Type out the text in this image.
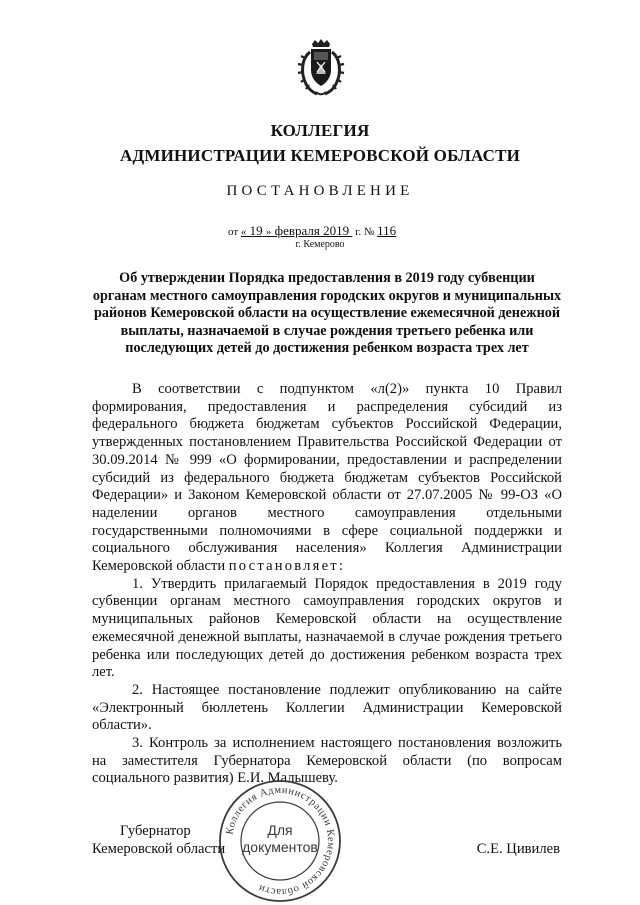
КОЛЛЕГИЯ
АДМИНИСТРАЦИИ КЕМЕРОВСКОЙ ОБЛАСТИ
ПОСТАНОВЛЕНИЕ
от « 19 » февраля 2019 г. № 116
г. Кемерово
Об утверждении Порядка предоставления в 2019 году субвенции органам местного самоуправления городских округов и муниципальных районов Кемеровской области на осуществление ежемесячной денежной выплаты, назначаемой в случае рождения третьего ребенка или последующих детей до достижения ребенком возраста трех лет

В соответствии с подпунктом «л(2)» пункта 10 Правил формирования, предоставления и распределения субсидий из федерального бюджета бюджетам субъектов Российской Федерации, утвержденных постановлением Правительства Российской Федерации от 30.09.2014 № 999 «О формировании, предоставлении и распределении субсидий из федерального бюджета бюджетам субъектов Российской Федерации» и Законом Кемеровской области от 27.07.2005 № 99-ОЗ «О наделении органов местного самоуправления отдельными государственными полномочиями в сфере социальной поддержки и социального обслуживания населения» Коллегия Администрации Кемеровской области постановляет:

1. Утвердить прилагаемый Порядок предоставления в 2019 году субвенции органам местного самоуправления городских округов и муниципальных районов Кемеровской области на осуществление ежемесячной денежной выплаты, назначаемой в случае рождения третьего ребенка или последующих детей до достижения ребенком возраста трех лет.

2. Настоящее постановление подлежит опубликованию на сайте «Электронный бюллетень Коллегии Администрации Кемеровской области».

3. Контроль за исполнением настоящего постановления возложить на заместителя Губернатора Кемеровской области (по вопросам социального развития) Е.И. Малышеву.

Коллегия Администрации Кемеровской области
Для
документов
Губернатор
Кемеровской области	С.Е. Цивилев
